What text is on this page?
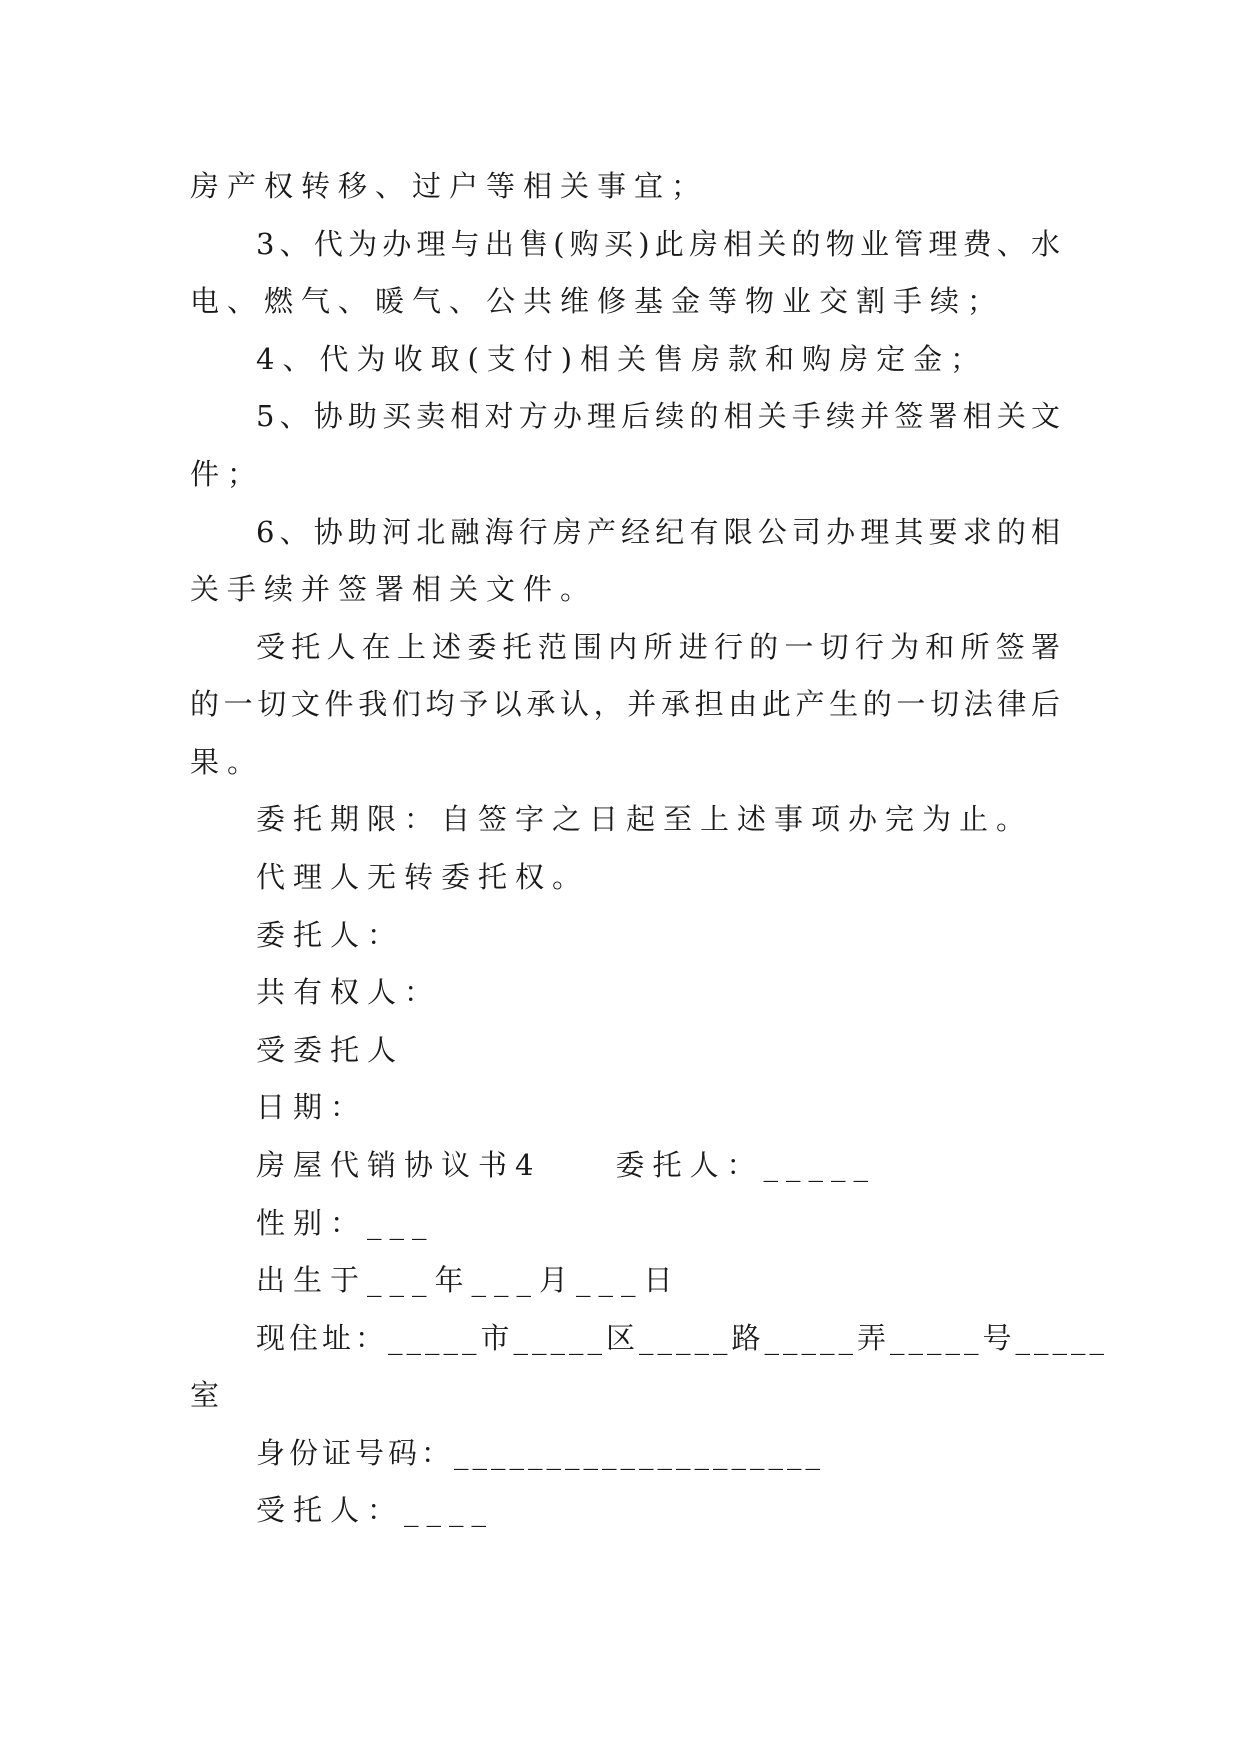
房产权转移、过户等相关事宜；
3、代为办理与出售(购买)此房相关的物业管理费、水
电、燃气、暖气、公共维修基金等物业交割手续；
4、代为收取(支付)相关售房款和购房定金；
5、协助买卖相对方办理后续的相关手续并签署相关文
件；
6、协助河北融海行房产经纪有限公司办理其要求的相
关手续并签署相关文件。
受托人在上述委托范围内所进行的一切行为和所签署
的一切文件我们均予以承认，并承担由此产生的一切法律后
果。
委托期限：自签字之日起至上述事项办完为止。
代理人无转委托权。
委托人：
共有权人：
受委托人
日期：
房屋代销协议书4　　委托人：_____
性别：___
出生于___年___月___日
现住址：_____市_____区_____路_____弄_____号_____
室
身份证号码：____________________
受托人：____
